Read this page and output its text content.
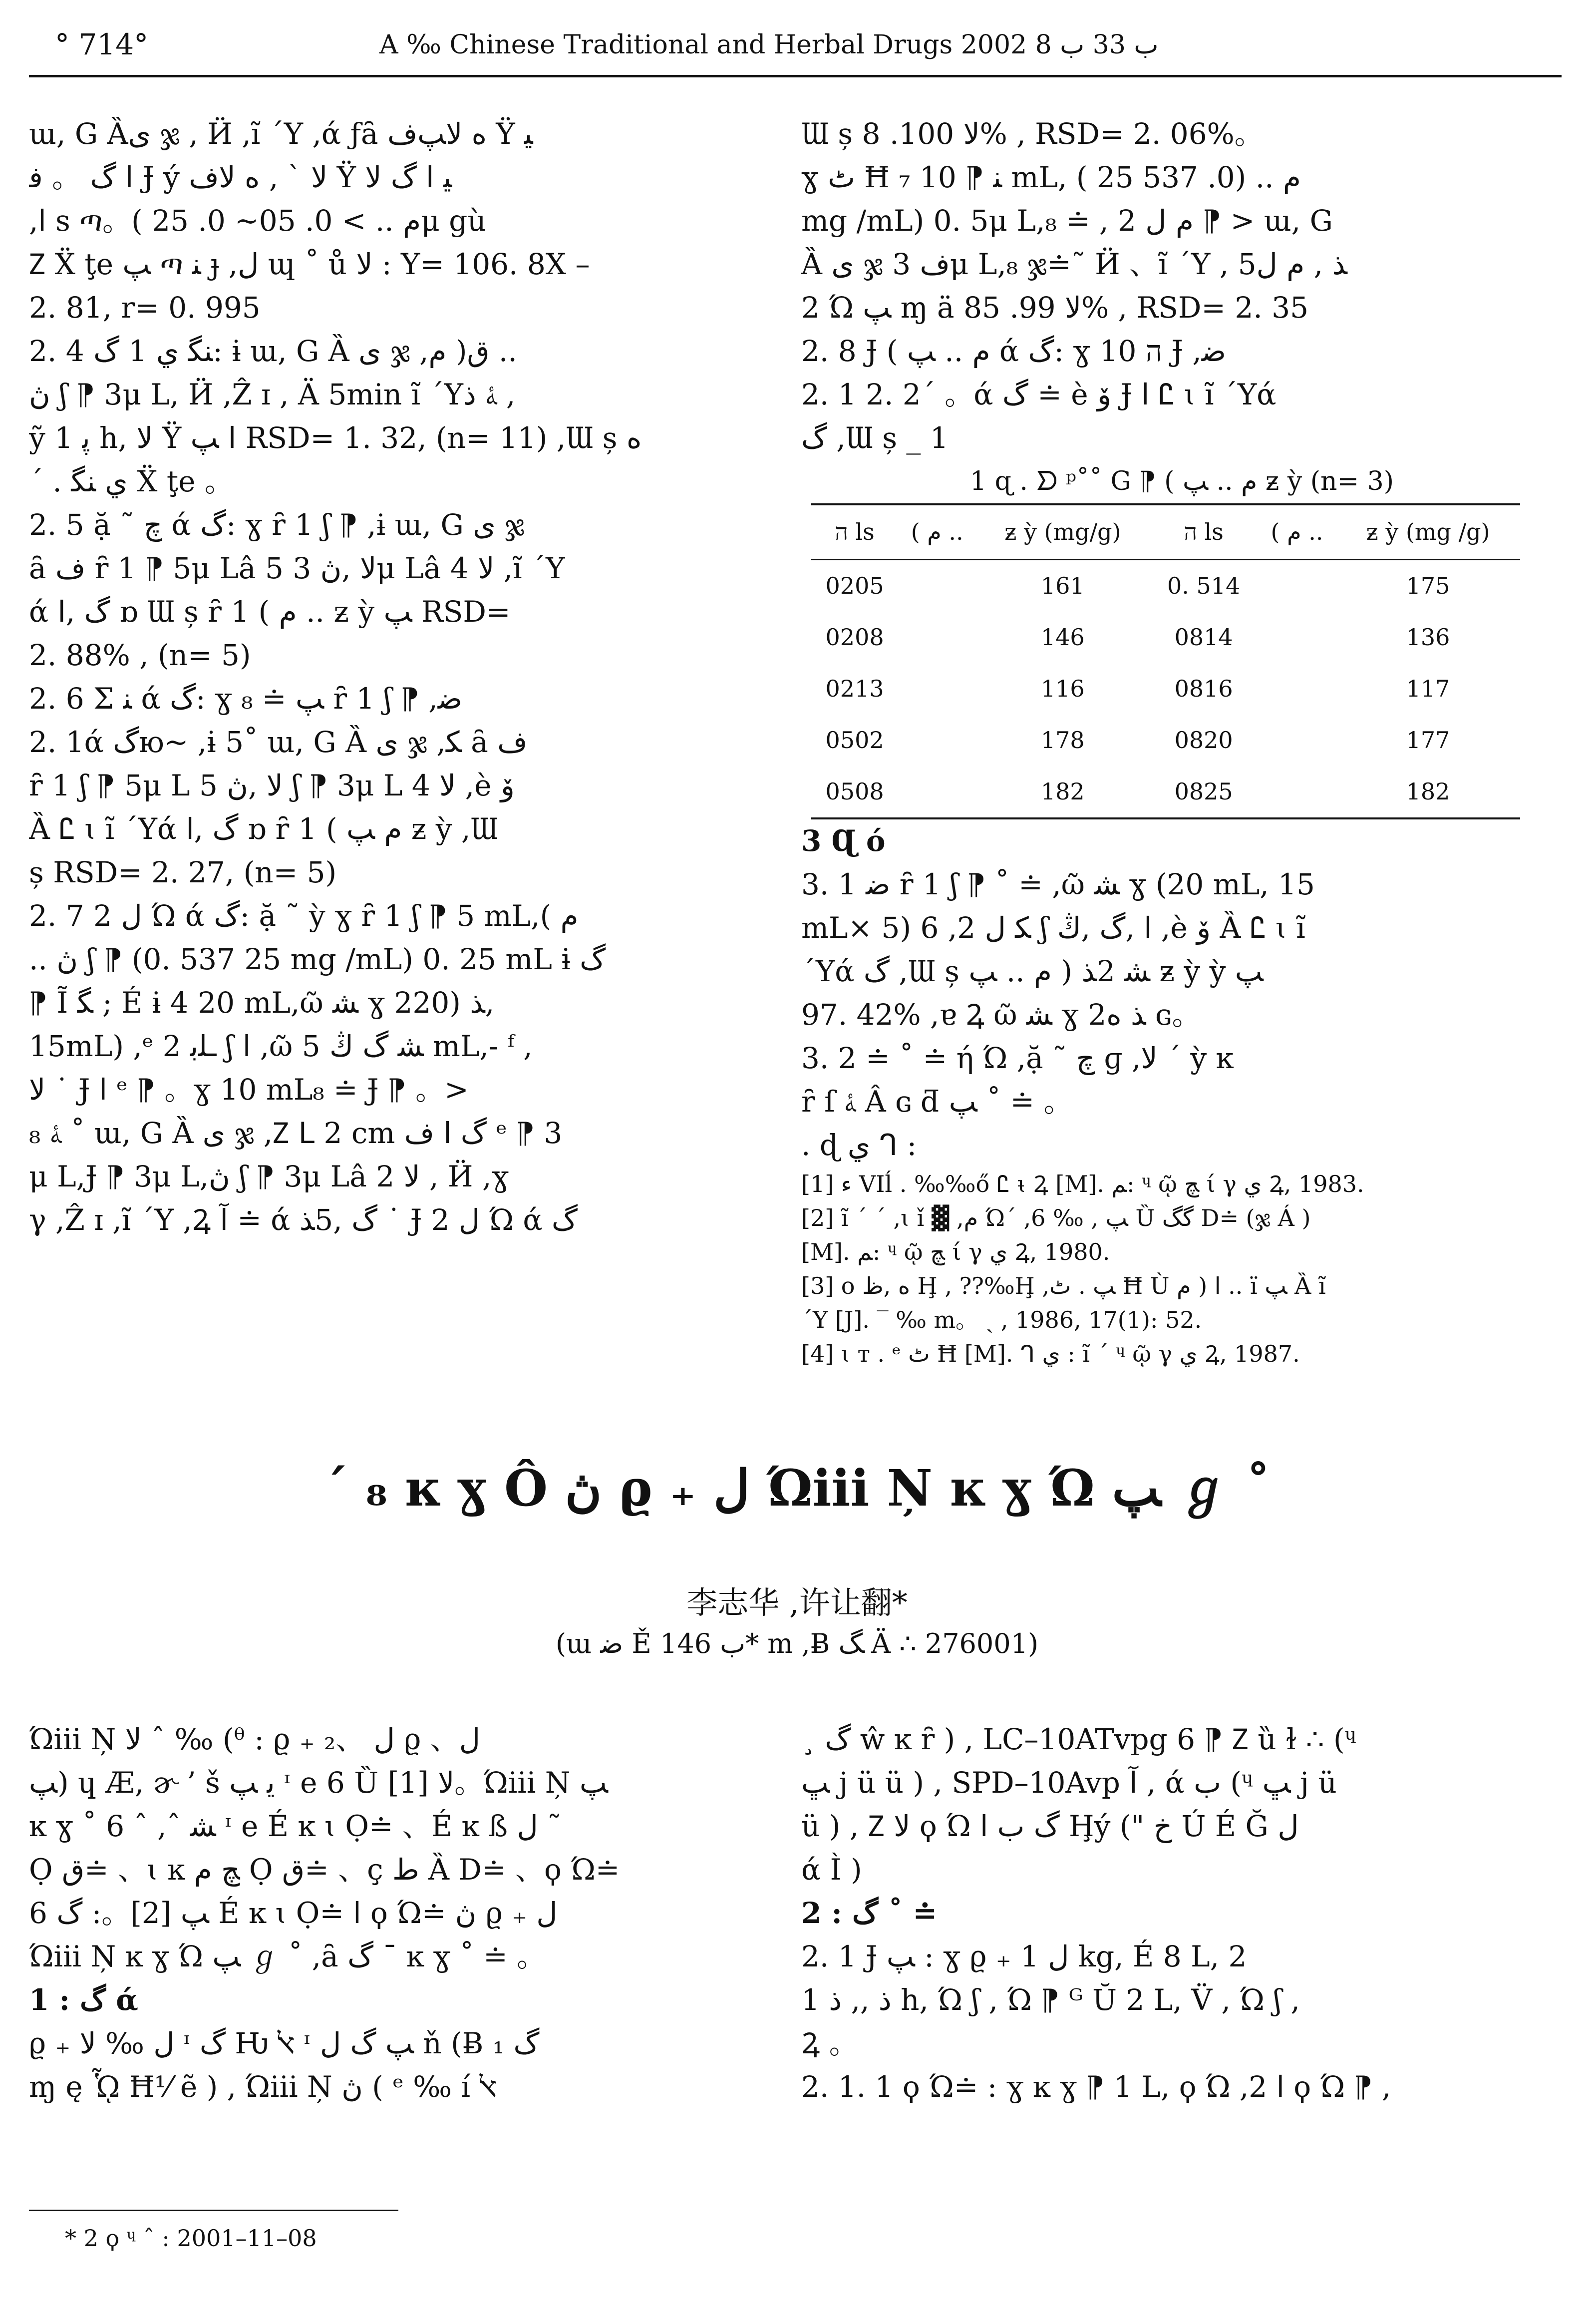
° 714°	A ‰ Chinese Traditional and Herbal Drugs 2002 ب 33 ب 8
ɯ, G Ȁی ჯ , Ӥ ,ĩ ΄Y ,ά ƒȃ ﻩ ﻻﭗﻑ Ÿ ﻴ
ﺍ گ 。 ﻓ Ɉ ý ﻻ ` , ﻩ ﻻﻑ Ÿ ﻴ ﺍ گ ﻻ
,ﺍ s ጣ。( ﻡ .. > 0. 05~ 0. 25μ gù
Ⴭ Ẍ ţe ﭗ ጣ ﻨ ɟ ,ﻝ ɰ ˚ ů ﻻ : Y= 106. 8X –
2. 81, r= 0. 995
2. 4 ﻨﮕ ﻱ 1 گ: ɨ ɯ, G Ȁ ی ჯ ,ﻕ( ﻡ ..
ڽ ʃ ⁋ 3μ L, Ӥ ,Ẑ ɪ , Ä 5min ĩ ΄Yﮥ ﺫ ,
ỹ ﭘ 1 h, ﻻ Ÿ ﺍ ﭗ RSD= 1. 32, (n= 11) ,Ɯ ș ﻩ
΄ . ﻱ ﻨﮕ Ẍ ţe 。
2. 5 ặ ˜ ﭺ ά گ: ɣ ȓ 1 ʃ ⁋ ,ɨ ɯ, G ی ჯ
ȃ ﻑ ȓ 1 ⁋ 5μ Lâ 5 ﻻ ,ڽ 3μ Lâ 4 ﻻ ,ĩ ΄Y
ά گ ,ﺍ ɒ Ɯ ș ȓ 1 ( ﻡ .. ƶ ỳ ﭗ RSD=
2. 88% , (n= 5)
2. 6 Σ ﻨ ά گ: ɣ ₈ ≐ ﭗ ȓ 1 ʃ ⁋ ,ﺿ
2. 1ά گю~ ,ɨ 5˚ ɯ, G Ȁ ی ჯ ,ﮑ ȃ ﻑ
ȓ 1 ʃ ⁋ 5μ L 5 ﻻ ,ڽ ʃ ⁋ 3μ L 4 ﻻ ,è ﯙ
Ȁ Ꮭ ɩ ĩ ΄Yά گ ,ﺍ ɒ ȓ 1 ( ﻡ ﭗ ƶ ỳ ,Ɯ
ș RSD= 2. 27, (n= 5)
2. 7 ﻝ 2 Ώ ά گ: ặ ˜ ỳ ɣ ȓ 1 ʃ ⁋ 5 mL,( ﻡ
.. ڽ ʃ ⁋ (0. 537 25 mg /mL) 0. 25 mL ɨ گ
⁋ Ĩ ﮕ ; É ɨ 4 20 mL,ῶ ﺸ ɣ 2ﺬ (20,
15mL) ,ᵉ ـﻠﺑ 2 ʃ ﺍ ,ῶ ﺸ گ ﯓ 5 mL,- ᶠ ,
ﻻ ˙ Ɉ ﺍ ᵉ ⁋ 。ɣ 10 mL₈ ≐ Ɉ ⁋ 。>
₈ ﮥ ˚ ɯ, G Ȁ ی ჯ ,Ⴭ ᒪ 2 cm گ ﺍ ﻑ ᵉ ⁋ 3
μ L,Ɉ ⁋ 3μ L,ڽ ʃ ⁋ 3μ Lâ 2 ﻻ , Ӥ ,ɣ
γ ,Ẑ ɪ ,ĩ ΄Y ,Ꝝ ﺁ ≐ ά گ ,5ﺬ ˙ Ɉ ﻝ 2 Ώ ά گ
Ɯ ș ﻻ 100. 8% , RSD= 2. 06%。
ɣ ﭦ Ħ ₇ ﻨ ⁋ 10 mL, ( ﻡ .. (0. 537 25
mg /mL) 0. 5μ L,₈ ≐ , ﻡ ﻝ 2 ⁋ > ɯ, G
Ȁ ی ჯ ﻑ 3μ L,₈ ჯ≐˜ Ӥ 、ĩ ΄Y , 5ﺬ , ﻡ ﻝ
2 Ώ ﭗ ɱ ä ﻻ 99. 85% , RSD= 2. 35
2. 8 Ɉ ( ﻡ .. ﭗ ά گ: ɣ 10 ה Ɉ ,ﺿ
2. 1 2. 2΄ 。ά گ ≐ è ﯙ Ɉ ﺍ Ꮭ ɩ ĩ ΄Yά
گ ,Ɯ ș _ 1
1 ɋ . ᗤ ᵖ˚˚ G ⁋ ( ﻡ .. ﭗ ƶ ỳ (n= 3)
ה ls	( ﻡ ..	ƶ ỳ (mg/g)	ה ls	( ﻡ ..	ƶ ỳ (mg /g)
0205		161	0. 514		175
0208		146	0814		136
0213		116	0816		117
0502		178	0820		177
0508		182	0825		182
3 Ɋ ó
3. 1 ﺿ ȓ 1 ʃ ⁋ ˚ ≐ ,ῶ ﺸ ɣ (20 mL, 15
mL× 5) 6 ,ﮑ ﻝ 2 ʃ ﺍ ,گ ,ﯓ ,è ﯙ Ȁ Ꮭ ɩ ĩ
΄Yά گ ,Ɯ ș ﺸ 2ﺬ ( ﻡ .. ﭗ ƶ ỳ ỳ ﭗ
97. 42% ,ɐ Ꝝ ῶ ﺸ ɣ 2ﺬ ﻩ ɢ。
3. 2 ≐ ˚ ≐ ή Ώ ,ặ ˜ ﭺ ɡ ,ﻻ ΄ ỳ ĸ
ȓ ſ ﮥ Â ɢ ƌ ﭗ ˚ ≐ 。
. ɖ ﻱ ᒉ :
[1] ﺀ VIĺ . ‰‰ő Ꮭ ᵼ Ꝝ [M]. ﻢ: ᶣ ῷ ﭻ ί γ ﻱ Ꝝ, 1983.
[2] ĩ ΄ ΄ ,ɩ ǐ ▓ ,ﻡ Ώ΄ ,ﭗ , ‰ 6 Ȕ گگ D≐ (ჯ Á )
[M]. ﻢ: ᶣ ῷ ﭻ ί γ ﻱ Ꝝ, 1980.
[3] ο ﻩ ,ﻅ Ḩ , ??‰Ḩ ,ﭗ . ﭦ Ħ Ù ﺍ ( ﻡ .. ï ﭗ Ȁ ĩ
΄Y [J]. ‾ ‰ m。 ˏ , 1986, 17(1): 52.
[4] ɩ ᴛ . ᵉ ﭦ Ħ [M]. ᒉ ﻱ : ĩ ΄ ᶣ ῷ γ ﻱ Ꝝ, 1987.
΄ ₈ ĸ ɣ Ô ڽ ϱ ₊ ﻝ Ώiii Ņ ĸ ɣ Ώ ﭗ ℊ ˚
李志华 ,许让翻*
(ɯ ﺿ Ě ب 146* m ,Ƀ ﮓ Ä ∴ 276001)
Ώiii Ņ ﻻ ˆ ‰ (ᶿ : ϱ ₊ ﻝ 、₂ ϱ 、ﻝ
ﭗ) ɥ Æ, ɚ ’ š ﻳ ﭗ ᶦ e 6 Ȕ ﻻ [1]。Ώiii Ņ ﭗ
ĸ ɣ ˚ 6 ˆ ,ˆ ﺸ ᶦ e É ĸ ɩ Ọ≐ 、É ĸ ß ﻝ ˜
Ọ ﻕ≐ 、ɩ ĸ ﭻ ﻡ Ọ ﻕ≐ 、ç ﻁ Ȁ D≐ 、ϙ Ώ≐
ﭗ [2]。: گ 6 É ĸ ɩ Ọ≐ ﺍ ϙ Ώ≐ ڽ ϱ ₊ ﻝ
Ώiii Ņ ĸ ɣ Ώ ﭗ ℊ ˚ ,ȃ گ ¯ ĸ ɣ ˚ ≐ 。
1 : گ ά
ϱ ₊ ﻝ ‰ ﻻ ᶦ گ Ƕ ﭏ ᶦ ﭗ گ ﻝ ň (Ƀ گ ₁
ɱ ę ᾯ Ħ⅟ ẽ ) , Ώiii Ņ ڽ ( ᵉ ‰ í ﭏ
¸ گ ŵ ĸ ȓ ) , LC–10ATvpg 6 ⁋ Ⴭ ȕ ɫ ∴ (ᶣ
ﭛ j ü ü ) , SPD–10Avp ﺁ , ά ب (ᶣ ﭛ j ü
ü ) , Ⴭ ﻻ ϙ Ώ گ ب ﺍ Ḩý (" ﺥ Ú É Ğ ﻝ
ά Ì )
2 : گ ˚ ≐
2. 1 Ɉ ﭗ : ɣ ϱ ₊ ﻝ 1 kg, É 8 L, 2
ﺫ ,, ﺫ 1 h, Ώ ʃ , Ώ ⁋ ᴳ Ŭ 2 L, V̈ , Ώ ʃ ,
Ꝝ 。
2. 1. 1 ϙ Ώ≐ : ɣ ĸ ɣ ⁋ 1 L, ϙ Ώ ,2 ﺍ ϙ Ώ ⁋ ,
* 2 ϙ ᶣ ˆ : 2001–11–08
